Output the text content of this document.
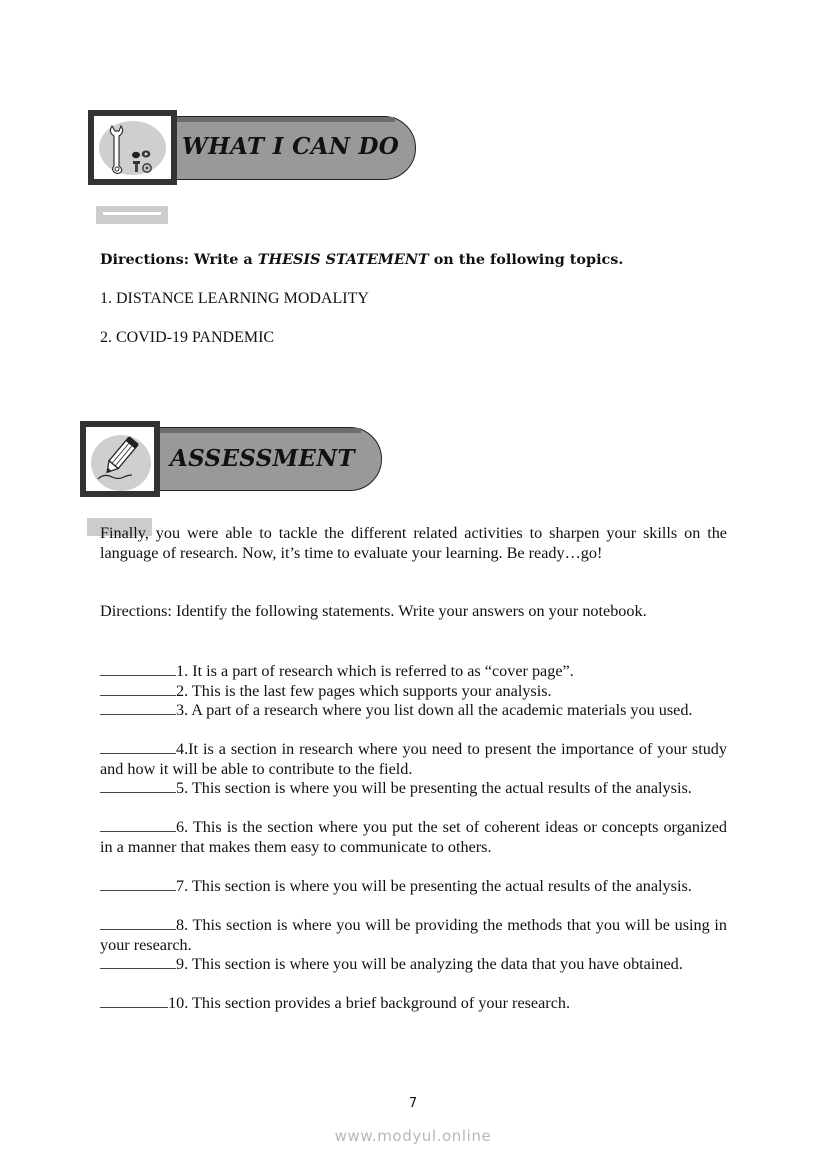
WHAT I CAN DO
Directions: Write a THESIS STATEMENT on the following topics.
1. DISTANCE LEARNING MODALITY
2. COVID-19 PANDEMIC
ASSESSMENT
Finally, you were able to tackle the different related activities to sharpen your skills on the language of research. Now, it’s time to evaluate your learning. Be ready…go!
Directions: Identify the following statements. Write your answers on your notebook.
1. It is a part of research which is referred to as “cover page”.
2. This is the last few pages which supports your analysis.
3. A part of a research where you list down all the academic materials you used.
4.It is a section in research where you need to present the importance of your study and how it will be able to contribute to the field.
5. This section is where you will be presenting the actual results of the analysis.
6. This is the section where you put the set of coherent ideas or concepts organized in a manner that makes them easy to communicate to others.
7. This section is where you will be presenting the actual results of the analysis.
8. This section is where you will be providing the methods that you will be using in your research.
9. This section is where you will be analyzing the data that you have obtained.
10. This section provides a brief background of your research.
7
www.modyul.online
